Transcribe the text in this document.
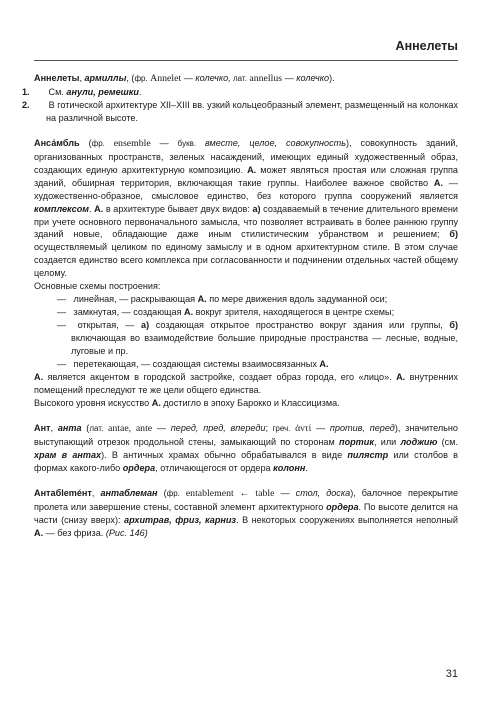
Аннелеты

Аннелеты, армиллы, (фр. Annelet — колечко, лат. annellus — колечко).

1. См. анули, ремешки.

2. В готической архитектуре XII–XIII вв. узкий кольцеобразный элемент, размещенный на колонках на различной высоте.

Анса́мбль (фр. ensemble — букв. вместе, целое, совокупность), совокупность зданий, организованных пространств, зеленых насаждений, имеющих единый художественный образ, создающих единую архитектурную композицию. А. может являться простая или сложная группа зданий, обширная территория, включающая такие группы. Наиболее важное свойство А. — художественно-образное, смысловое единство, без которого группа сооружений является комплексом. А. в архитектуре бывает двух видов: а) создаваемый в течение длительного времени при учете основного первоначального замысла, что позволяет встраивать в более раннюю группу зданий новые, обладающие даже иным стилистическим убранством и решением; б) осуществляемый целиком по единому замыслу и в одном архитектурном стиле. В этом случае создается единство всего комплекса при согласованности и подчинении отдельных частей общему целому.

Основные схемы построения:

— линейная, — раскрывающая А. по мере движения вдоль задуманной оси;

— замкнутая, — создающая А. вокруг зрителя, находящегося в центре схемы;

— открытая, — а) создающая открытое пространство вокруг здания или группы, б) включающая во взаимодействие большие природные пространства — лесные, водные, луговые и пр.

— перетекающая, — создающая системы взаимосвязанных А.

А. является акцентом в городской застройке, создает образ города, его «лицо». А. внутренних помещений преследуют те же цели общего единства.

Высокого уровня искусство А. достигло в эпоху Барокко и Классицизма.

Ант, анта (лат. antae, ante — перед, пред, впереди; греч. ἀντί — против, перед), значительно выступающий отрезок продольной стены, замыкающий по сторонам портик, или лоджию (см. храм в антах). В античных храмах обычно обрабатывался в виде пилястр или столбов в формах какого-либо ордера, отличающегося от ордера колонн.

Антабleméнт, антаблеман (фр. entablement ← table — стол, доска), балочное перекрытие пролета или завершение стены, составной элемент архитектурного ордера. По высоте делится на части (снизу вверх): архитрав, фриз, карниз. В некоторых сооружениях выполняется неполный А. — без фриза. (Рис. 146)

31
